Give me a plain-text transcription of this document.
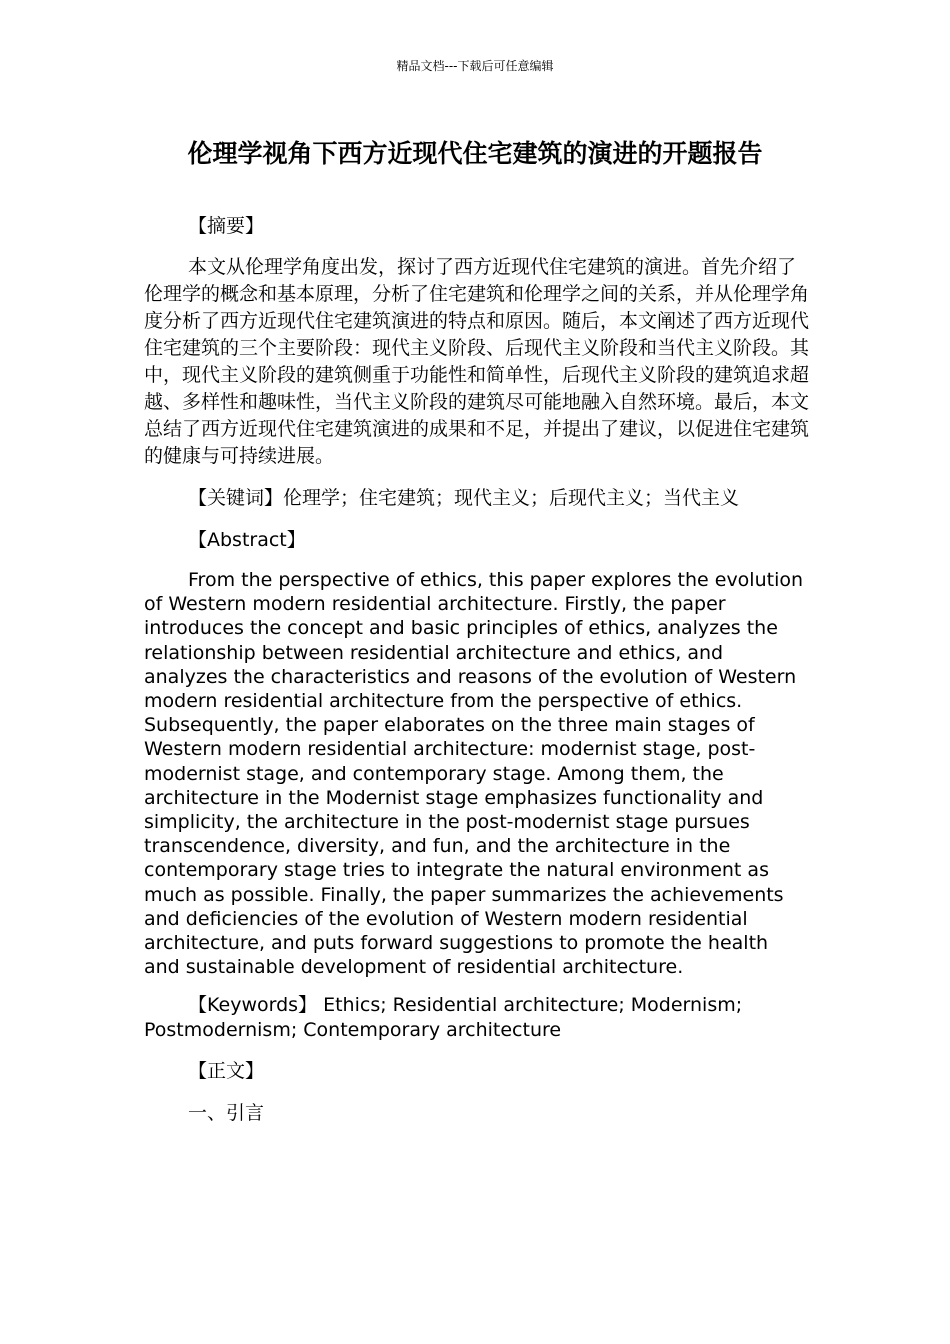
精品文档---下载后可任意编辑
伦理学视角下西方近现代住宅建筑的演进的开题报告

【摘要】

本文从伦理学角度出发，探讨了西方近现代住宅建筑的演进。首先介绍了伦理学的概念和基本原理，分析了住宅建筑和伦理学之间的关系，并从伦理学角度分析了西方近现代住宅建筑演进的特点和原因。随后，本文阐述了西方近现代住宅建筑的三个主要阶段：现代主义阶段、后现代主义阶段和当代主义阶段。其中，现代主义阶段的建筑侧重于功能性和简单性，后现代主义阶段的建筑追求超越、多样性和趣味性，当代主义阶段的建筑尽可能地融入自然环境。最后，本文总结了西方近现代住宅建筑演进的成果和不足，并提出了建议，以促进住宅建筑的健康与可持续进展。

【关键词】伦理学；住宅建筑；现代主义；后现代主义；当代主义

【Abstract】

From the perspective of ethics, this paper explores the evolution of Western modern residential architecture. Firstly, the paper introduces the concept and basic principles of ethics, analyzes the relationship between residential architecture and ethics, and analyzes the characteristics and reasons of the evolution of Western modern residential architecture from the perspective of ethics. Subsequently, the paper elaborates on the three main stages of Western modern residential architecture: modernist stage, post-modernist stage, and contemporary stage. Among them, the architecture in the Modernist stage emphasizes functionality and simplicity, the architecture in the post-modernist stage pursues transcendence, diversity, and fun, and the architecture in the contemporary stage tries to integrate the natural environment as much as possible. Finally, the paper summarizes the achievements and deficiencies of the evolution of Western modern residential architecture, and puts forward suggestions to promote the health and sustainable development of residential architecture.

【Keywords】 Ethics; Residential architecture; Modernism; Postmodernism; Contemporary architecture

【正文】

一、引言
